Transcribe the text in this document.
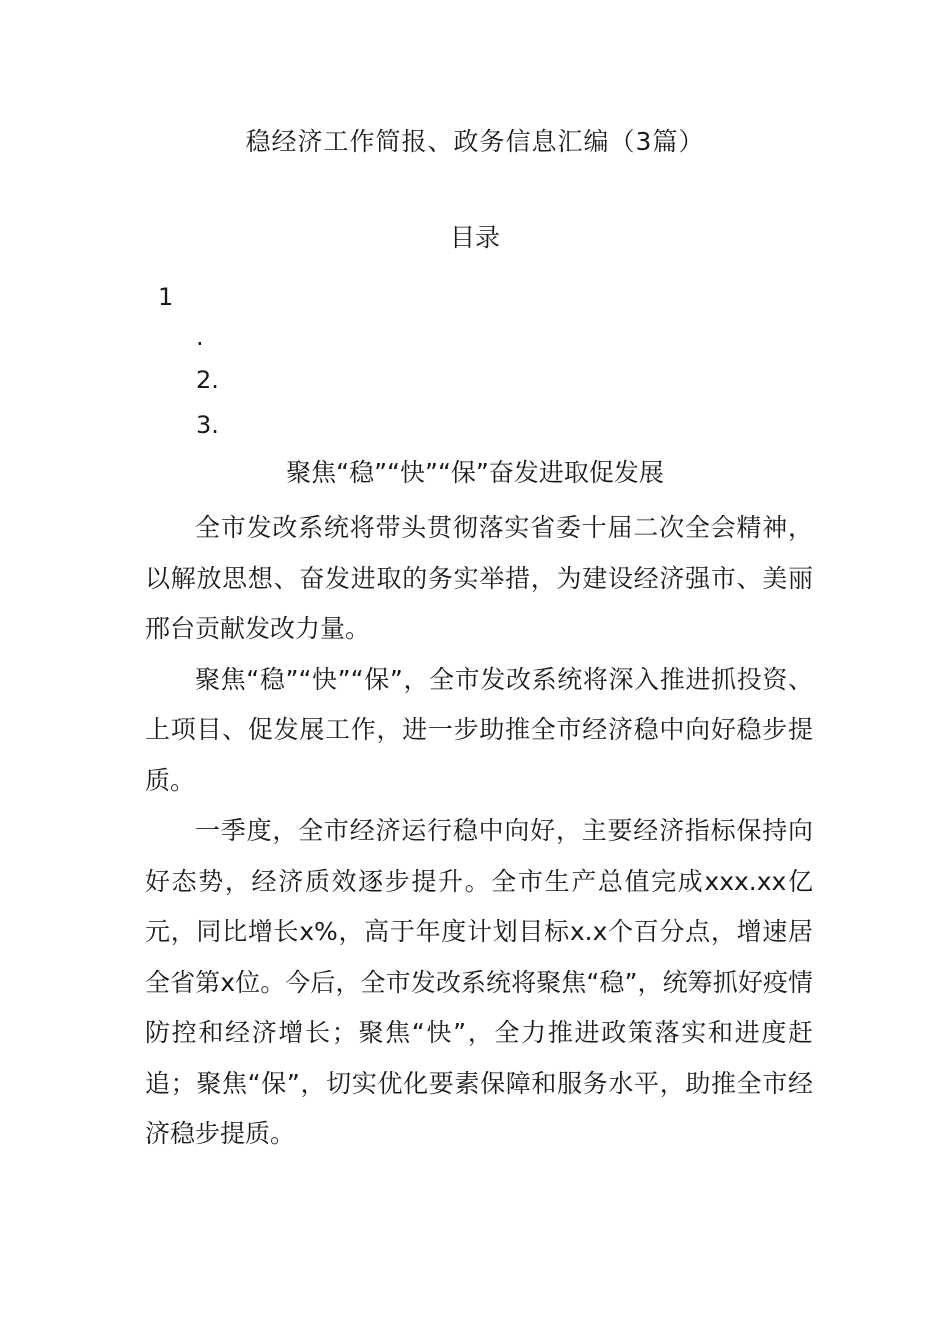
稳经济工作简报、政务信息汇编（3篇）
目录
1
.
2.
3.
聚焦“稳”“快”“保”奋发进取促发展

全市发改系统将带头贯彻落实省委十届二次全会精神，以解放思想、奋发进取的务实举措，为建设经济强市、美丽邢台贡献发改力量。

聚焦“稳”“快”“保”，全市发改系统将深入推进抓投资、上项目、促发展工作，进一步助推全市经济稳中向好稳步提质。

一季度，全市经济运行稳中向好，主要经济指标保持向好态势，经济质效逐步提升。全市生产总值完成xxx.xx亿元，同比增长x%，高于年度计划目标x.x个百分点，增速居全省第x位。今后，全市发改系统将聚焦“稳”，统筹抓好疫情防控和经济增长；聚焦“快”，全力推进政策落实和进度赶追；聚焦“保”，切实优化要素保障和服务水平，助推全市经济稳步提质。
